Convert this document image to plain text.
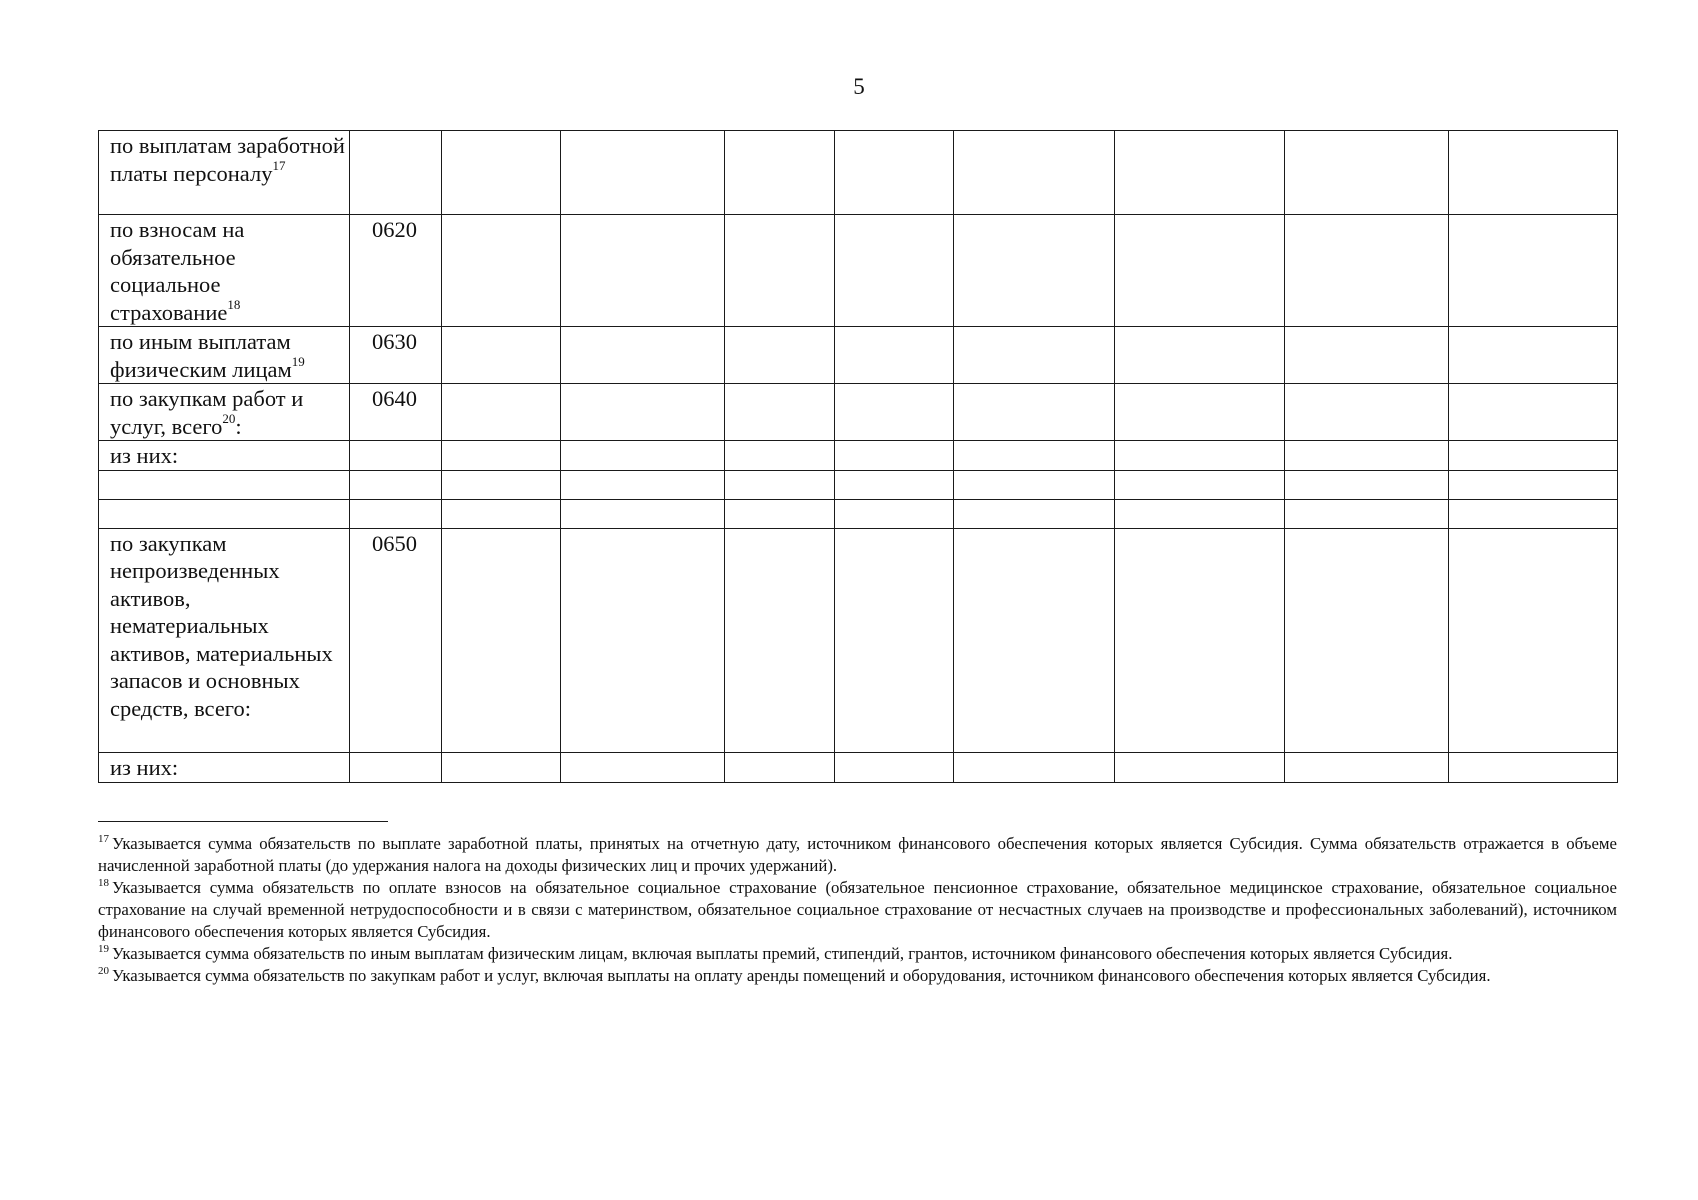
5
по выплатам заработной платы персоналу$^{17}$									
по взносам на обязательное социальное страхование$^{18}$	0620								
по иным выплатам физическим лицам$^{19}$	0630								
по закупкам работ и услуг, всего$^{20}$:	0640								
из них:									

по закупкам непроизведенных активов, нематериальных активов, материальных запасов и основных средств, всего:	0650								
из них:									

$^{17}$ Указывается сумма обязательств по выплате заработной платы, принятых на отчетную дату, источником финансового обеспечения которых является Субсидия. Сумма обязательств отражается в объеме начисленной заработной платы (до удержания налога на доходы физических лиц и прочих удержаний).

$^{18}$ Указывается сумма обязательств по оплате взносов на обязательное социальное страхование (обязательное пенсионное страхование, обязательное медицинское страхование, обязательное социальное страхование на случай временной нетрудоспособности и в связи с материнством, обязательное социальное страхование от несчастных случаев на производстве и профессиональных заболеваний), источником финансового обеспечения которых является Субсидия.

$^{19}$ Указывается сумма обязательств по иным выплатам физическим лицам, включая выплаты премий, стипендий, грантов, источником финансового обеспечения которых является Субсидия.

$^{20}$ Указывается сумма обязательств по закупкам работ и услуг, включая выплаты на оплату аренды помещений и оборудования, источником финансового обеспечения которых является Субсидия.
